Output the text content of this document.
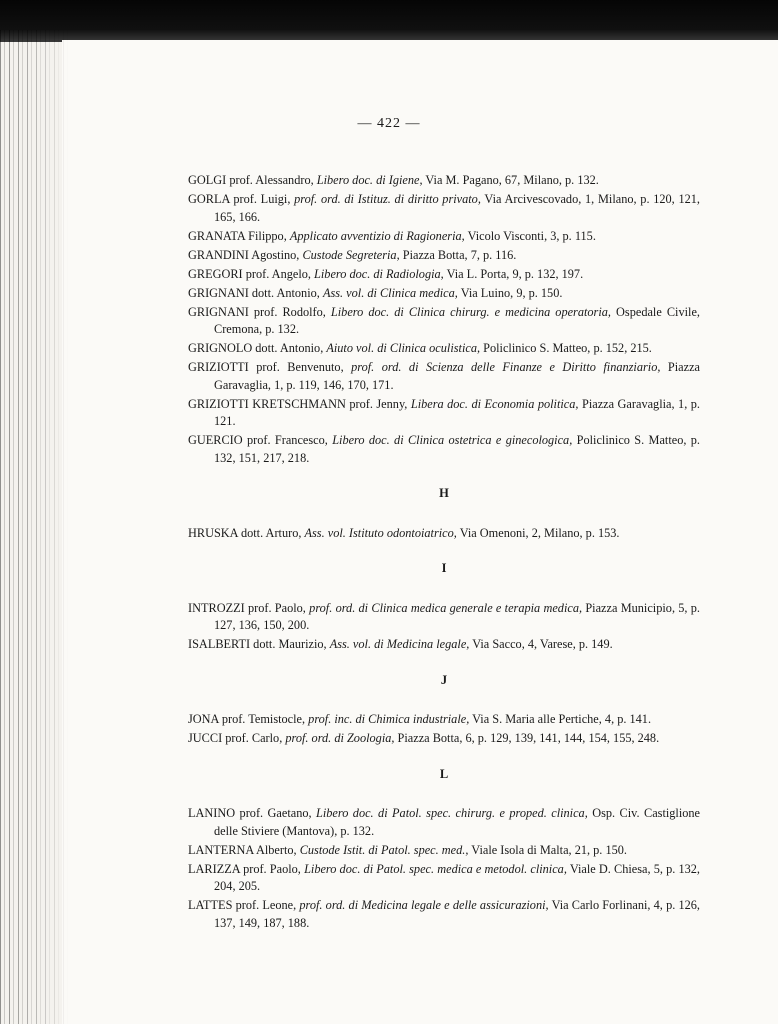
— 422 —

GOLGI prof. Alessandro, Libero doc. di Igiene, Via M. Pagano, 67, Milano, p. 132.

GORLA prof. Luigi, prof. ord. di Istituz. di diritto privato, Via Arcivescovado, 1, Milano, p. 120, 121, 165, 166.

GRANATA Filippo, Applicato avventizio di Ragioneria, Vicolo Visconti, 3, p. 115.

GRANDINI Agostino, Custode Segreteria, Piazza Botta, 7, p. 116.

GREGORI prof. Angelo, Libero doc. di Radiologia, Via L. Porta, 9, p. 132, 197.

GRIGNANI dott. Antonio, Ass. vol. di Clinica medica, Via Luino, 9, p. 150.

GRIGNANI prof. Rodolfo, Libero doc. di Clinica chirurg. e medicina operatoria, Ospedale Civile, Cremona, p. 132.

GRIGNOLO dott. Antonio, Aiuto vol. di Clinica oculistica, Policlinico S. Matteo, p. 152, 215.

GRIZIOTTI prof. Benvenuto, prof. ord. di Scienza delle Finanze e Diritto finanziario, Piazza Garavaglia, 1, p. 119, 146, 170, 171.

GRIZIOTTI KRETSCHMANN prof. Jenny, Libera doc. di Economia politica, Piazza Garavaglia, 1, p. 121.

GUERCIO prof. Francesco, Libero doc. di Clinica ostetrica e ginecologica, Policlinico S. Matteo, p. 132, 151, 217, 218.

H

HRUSKA dott. Arturo, Ass. vol. Istituto odontoiatrico, Via Omenoni, 2, Milano, p. 153.

I

INTROZZI prof. Paolo, prof. ord. di Clinica medica generale e terapia medica, Piazza Municipio, 5, p. 127, 136, 150, 200.

ISALBERTI dott. Maurizio, Ass. vol. di Medicina legale, Via Sacco, 4, Varese, p. 149.

J

JONA prof. Temistocle, prof. inc. di Chimica industriale, Via S. Maria alle Pertiche, 4, p. 141.

JUCCI prof. Carlo, prof. ord. di Zoologia, Piazza Botta, 6, p. 129, 139, 141, 144, 154, 155, 248.

L

LANINO prof. Gaetano, Libero doc. di Patol. spec. chirurg. e proped. clinica, Osp. Civ. Castiglione delle Stiviere (Mantova), p. 132.

LANTERNA Alberto, Custode Istit. di Patol. spec. med., Viale Isola di Malta, 21, p. 150.

LARIZZA prof. Paolo, Libero doc. di Patol. spec. medica e metodol. clinica, Viale D. Chiesa, 5, p. 132, 204, 205.

LATTES prof. Leone, prof. ord. di Medicina legale e delle assicurazioni, Via Carlo Forlinani, 4, p. 126, 137, 149, 187, 188.
